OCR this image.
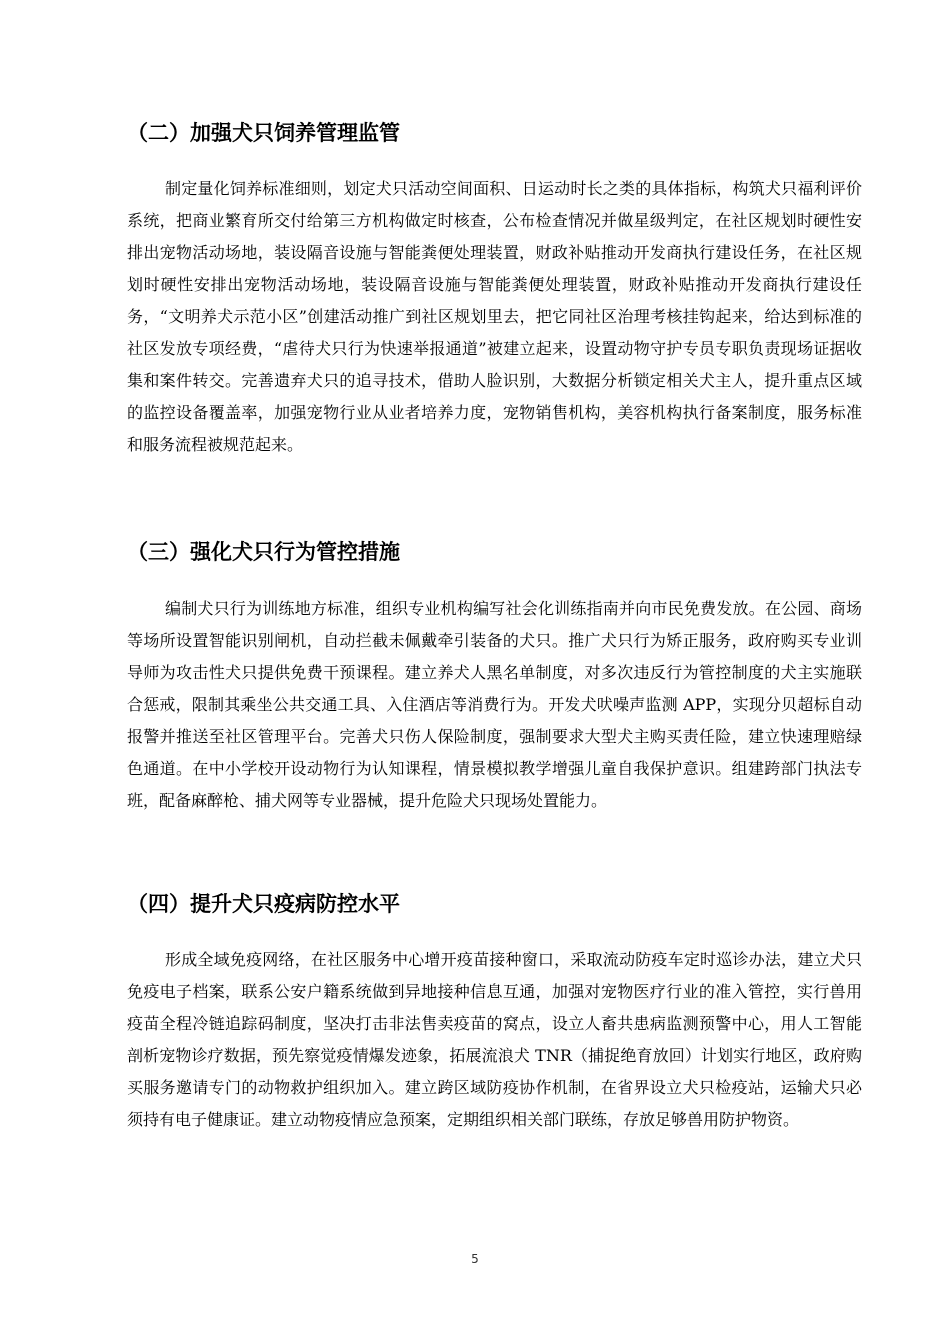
（二）加强犬只饲养管理监管

制定量化饲养标准细则，划定犬只活动空间面积、日运动时长之类的具体指标，构筑犬只福利评价系统，把商业繁育所交付给第三方机构做定时核查，公布检查情况并做星级判定，在社区规划时硬性安排出宠物活动场地，装设隔音设施与智能粪便处理装置，财政补贴推动开发商执行建设任务，在社区规划时硬性安排出宠物活动场地，装设隔音设施与智能粪便处理装置，财政补贴推动开发商执行建设任务，“文明养犬示范小区”创建活动推广到社区规划里去，把它同社区治理考核挂钩起来，给达到标准的社区发放专项经费，“虐待犬只行为快速举报通道”被建立起来，设置动物守护专员专职负责现场证据收集和案件转交。完善遗弃犬只的追寻技术，借助人脸识别，大数据分析锁定相关犬主人，提升重点区域的监控设备覆盖率，加强宠物行业从业者培养力度，宠物销售机构，美容机构执行备案制度，服务标准和服务流程被规范起来。

（三）强化犬只行为管控措施

编制犬只行为训练地方标准，组织专业机构编写社会化训练指南并向市民免费发放。在公园、商场等场所设置智能识别闸机，自动拦截未佩戴牵引装备的犬只。推广犬只行为矫正服务，政府购买专业训导师为攻击性犬只提供免费干预课程。建立养犬人黑名单制度，对多次违反行为管控制度的犬主实施联合惩戒，限制其乘坐公共交通工具、入住酒店等消费行为。开发犬吠噪声监测 APP，实现分贝超标自动报警并推送至社区管理平台。完善犬只伤人保险制度，强制要求大型犬主购买责任险，建立快速理赔绿色通道。在中小学校开设动物行为认知课程，情景模拟教学增强儿童自我保护意识。组建跨部门执法专班，配备麻醉枪、捕犬网等专业器械，提升危险犬只现场处置能力。

（四）提升犬只疫病防控水平

形成全域免疫网络，在社区服务中心增开疫苗接种窗口，采取流动防疫车定时巡诊办法，建立犬只免疫电子档案，联系公安户籍系统做到异地接种信息互通，加强对宠物医疗行业的准入管控，实行兽用疫苗全程冷链追踪码制度，坚决打击非法售卖疫苗的窝点，设立人畜共患病监测预警中心，用人工智能剖析宠物诊疗数据，预先察觉疫情爆发迹象，拓展流浪犬 TNR（捕捉绝育放回）计划实行地区，政府购买服务邀请专门的动物救护组织加入。建立跨区域防疫协作机制，在省界设立犬只检疫站，运输犬只必须持有电子健康证。建立动物疫情应急预案，定期组织相关部门联练，存放足够兽用防护物资。

5
